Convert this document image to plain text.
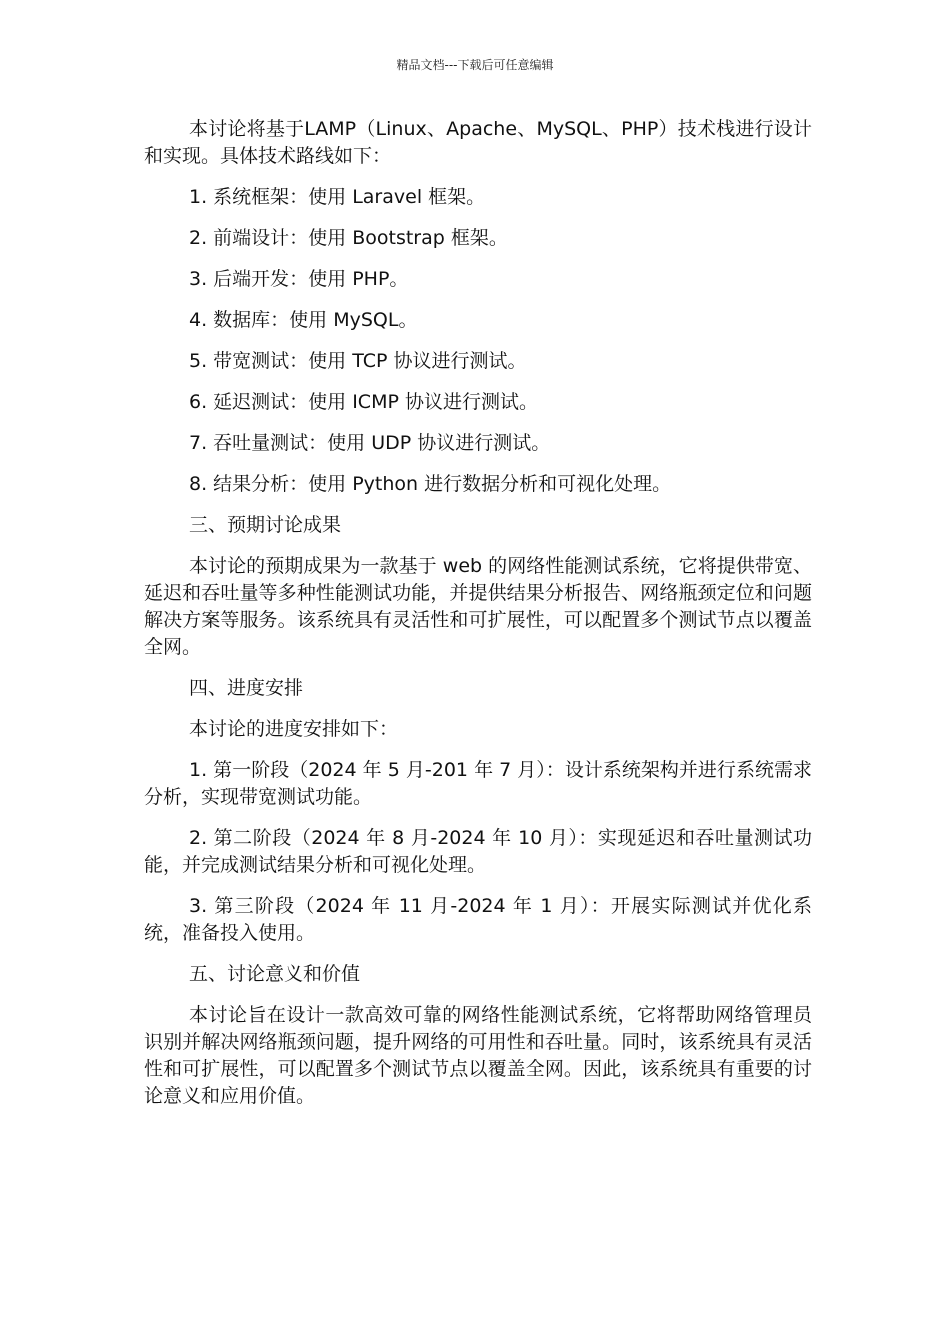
精品文档---下载后可任意编辑

本讨论将基于LAMP（Linux、Apache、MySQL、PHP）技术栈进行设计和实现。具体技术路线如下：

1. 系统框架：使用 Laravel 框架。
2. 前端设计：使用 Bootstrap 框架。
3. 后端开发：使用 PHP。
4. 数据库：使用 MySQL。
5. 带宽测试：使用 TCP 协议进行测试。
6. 延迟测试：使用 ICMP 协议进行测试。
7. 吞吐量测试：使用 UDP 协议进行测试。
8. 结果分析：使用 Python 进行数据分析和可视化处理。
三、预期讨论成果

本讨论的预期成果为一款基于 web 的网络性能测试系统，它将提供带宽、延迟和吞吐量等多种性能测试功能，并提供结果分析报告、网络瓶颈定位和问题解决方案等服务。该系统具有灵活性和可扩展性，可以配置多个测试节点以覆盖全网。

四、进度安排

本讨论的进度安排如下：

1. 第一阶段（2024 年 5 月-201 年 7 月）：设计系统架构并进行系统需求分析，实现带宽测试功能。

2. 第二阶段（2024 年 8 月-2024 年 10 月）：实现延迟和吞吐量测试功能，并完成测试结果分析和可视化处理。

3. 第三阶段（2024 年 11 月-2024 年 1 月）：开展实际测试并优化系统，准备投入使用。

五、讨论意义和价值

本讨论旨在设计一款高效可靠的网络性能测试系统，它将帮助网络管理员识别并解决网络瓶颈问题，提升网络的可用性和吞吐量。同时，该系统具有灵活性和可扩展性，可以配置多个测试节点以覆盖全网。因此，该系统具有重要的讨论意义和应用价值。
